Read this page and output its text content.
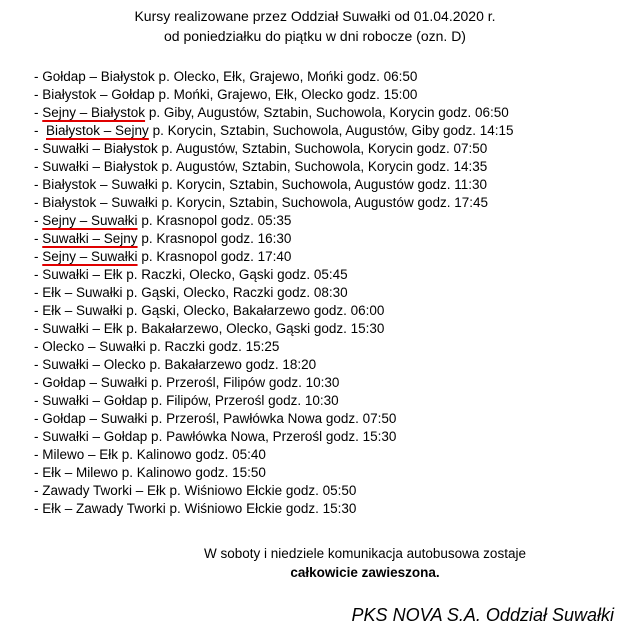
Kursy realizowane przez Oddział Suwałki od 01.04.2020 r.

od poniedziałku do piątku w dni robocze (ozn. D)

- Gołdap – Białystok p. Olecko, Ełk, Grajewo, Mońki godz. 06:50
- Białystok – Gołdap p. Mońki, Grajewo, Ełk, Olecko godz. 15:00
- Sejny – Białystok p. Giby, Augustów, Sztabin, Suchowola, Korycin godz. 06:50
-  Białystok – Sejny p. Korycin, Sztabin, Suchowola, Augustów, Giby godz. 14:15
- Suwałki – Białystok p. Augustów, Sztabin, Suchowola, Korycin godz. 07:50
- Suwałki – Białystok p. Augustów, Sztabin, Suchowola, Korycin godz. 14:35
- Białystok – Suwałki p. Korycin, Sztabin, Suchowola, Augustów godz. 11:30
- Białystok – Suwałki p. Korycin, Sztabin, Suchowola, Augustów godz. 17:45
- Sejny – Suwałki p. Krasnopol godz. 05:35
- Suwałki – Sejny p. Krasnopol godz. 16:30
- Sejny – Suwałki p. Krasnopol godz. 17:40
- Suwałki – Ełk p. Raczki, Olecko, Gąski godz. 05:45
- Ełk – Suwałki p. Gąski, Olecko, Raczki godz. 08:30
- Ełk – Suwałki p. Gąski, Olecko, Bakałarzewo godz. 06:00
- Suwałki – Ełk p. Bakałarzewo, Olecko, Gąski godz. 15:30
- Olecko – Suwałki p. Raczki godz. 15:25
- Suwałki – Olecko p. Bakałarzewo godz. 18:20
- Gołdap – Suwałki p. Przerośl, Filipów godz. 10:30
- Suwałki – Gołdap p. Filipów, Przerośl godz. 10:30
- Gołdap – Suwałki p. Przerośl, Pawłówka Nowa godz. 07:50
- Suwałki – Gołdap p. Pawłówka Nowa, Przerośl godz. 15:30
- Milewo – Ełk p. Kalinowo godz. 05:40
- Ełk – Milewo p. Kalinowo godz. 15:50
- Zawady Tworki – Ełk p. Wiśniowo Ełckie godz. 05:50
- Ełk – Zawady Tworki p. Wiśniowo Ełckie godz. 15:30

W soboty i niedziele komunikacja autobusowa zostaje

całkowicie zawieszona.

PKS NOVA S.A. Oddział Suwałki
